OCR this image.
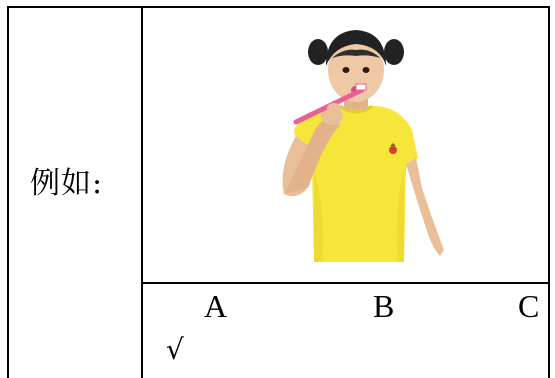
例如:
A	B	C
√
